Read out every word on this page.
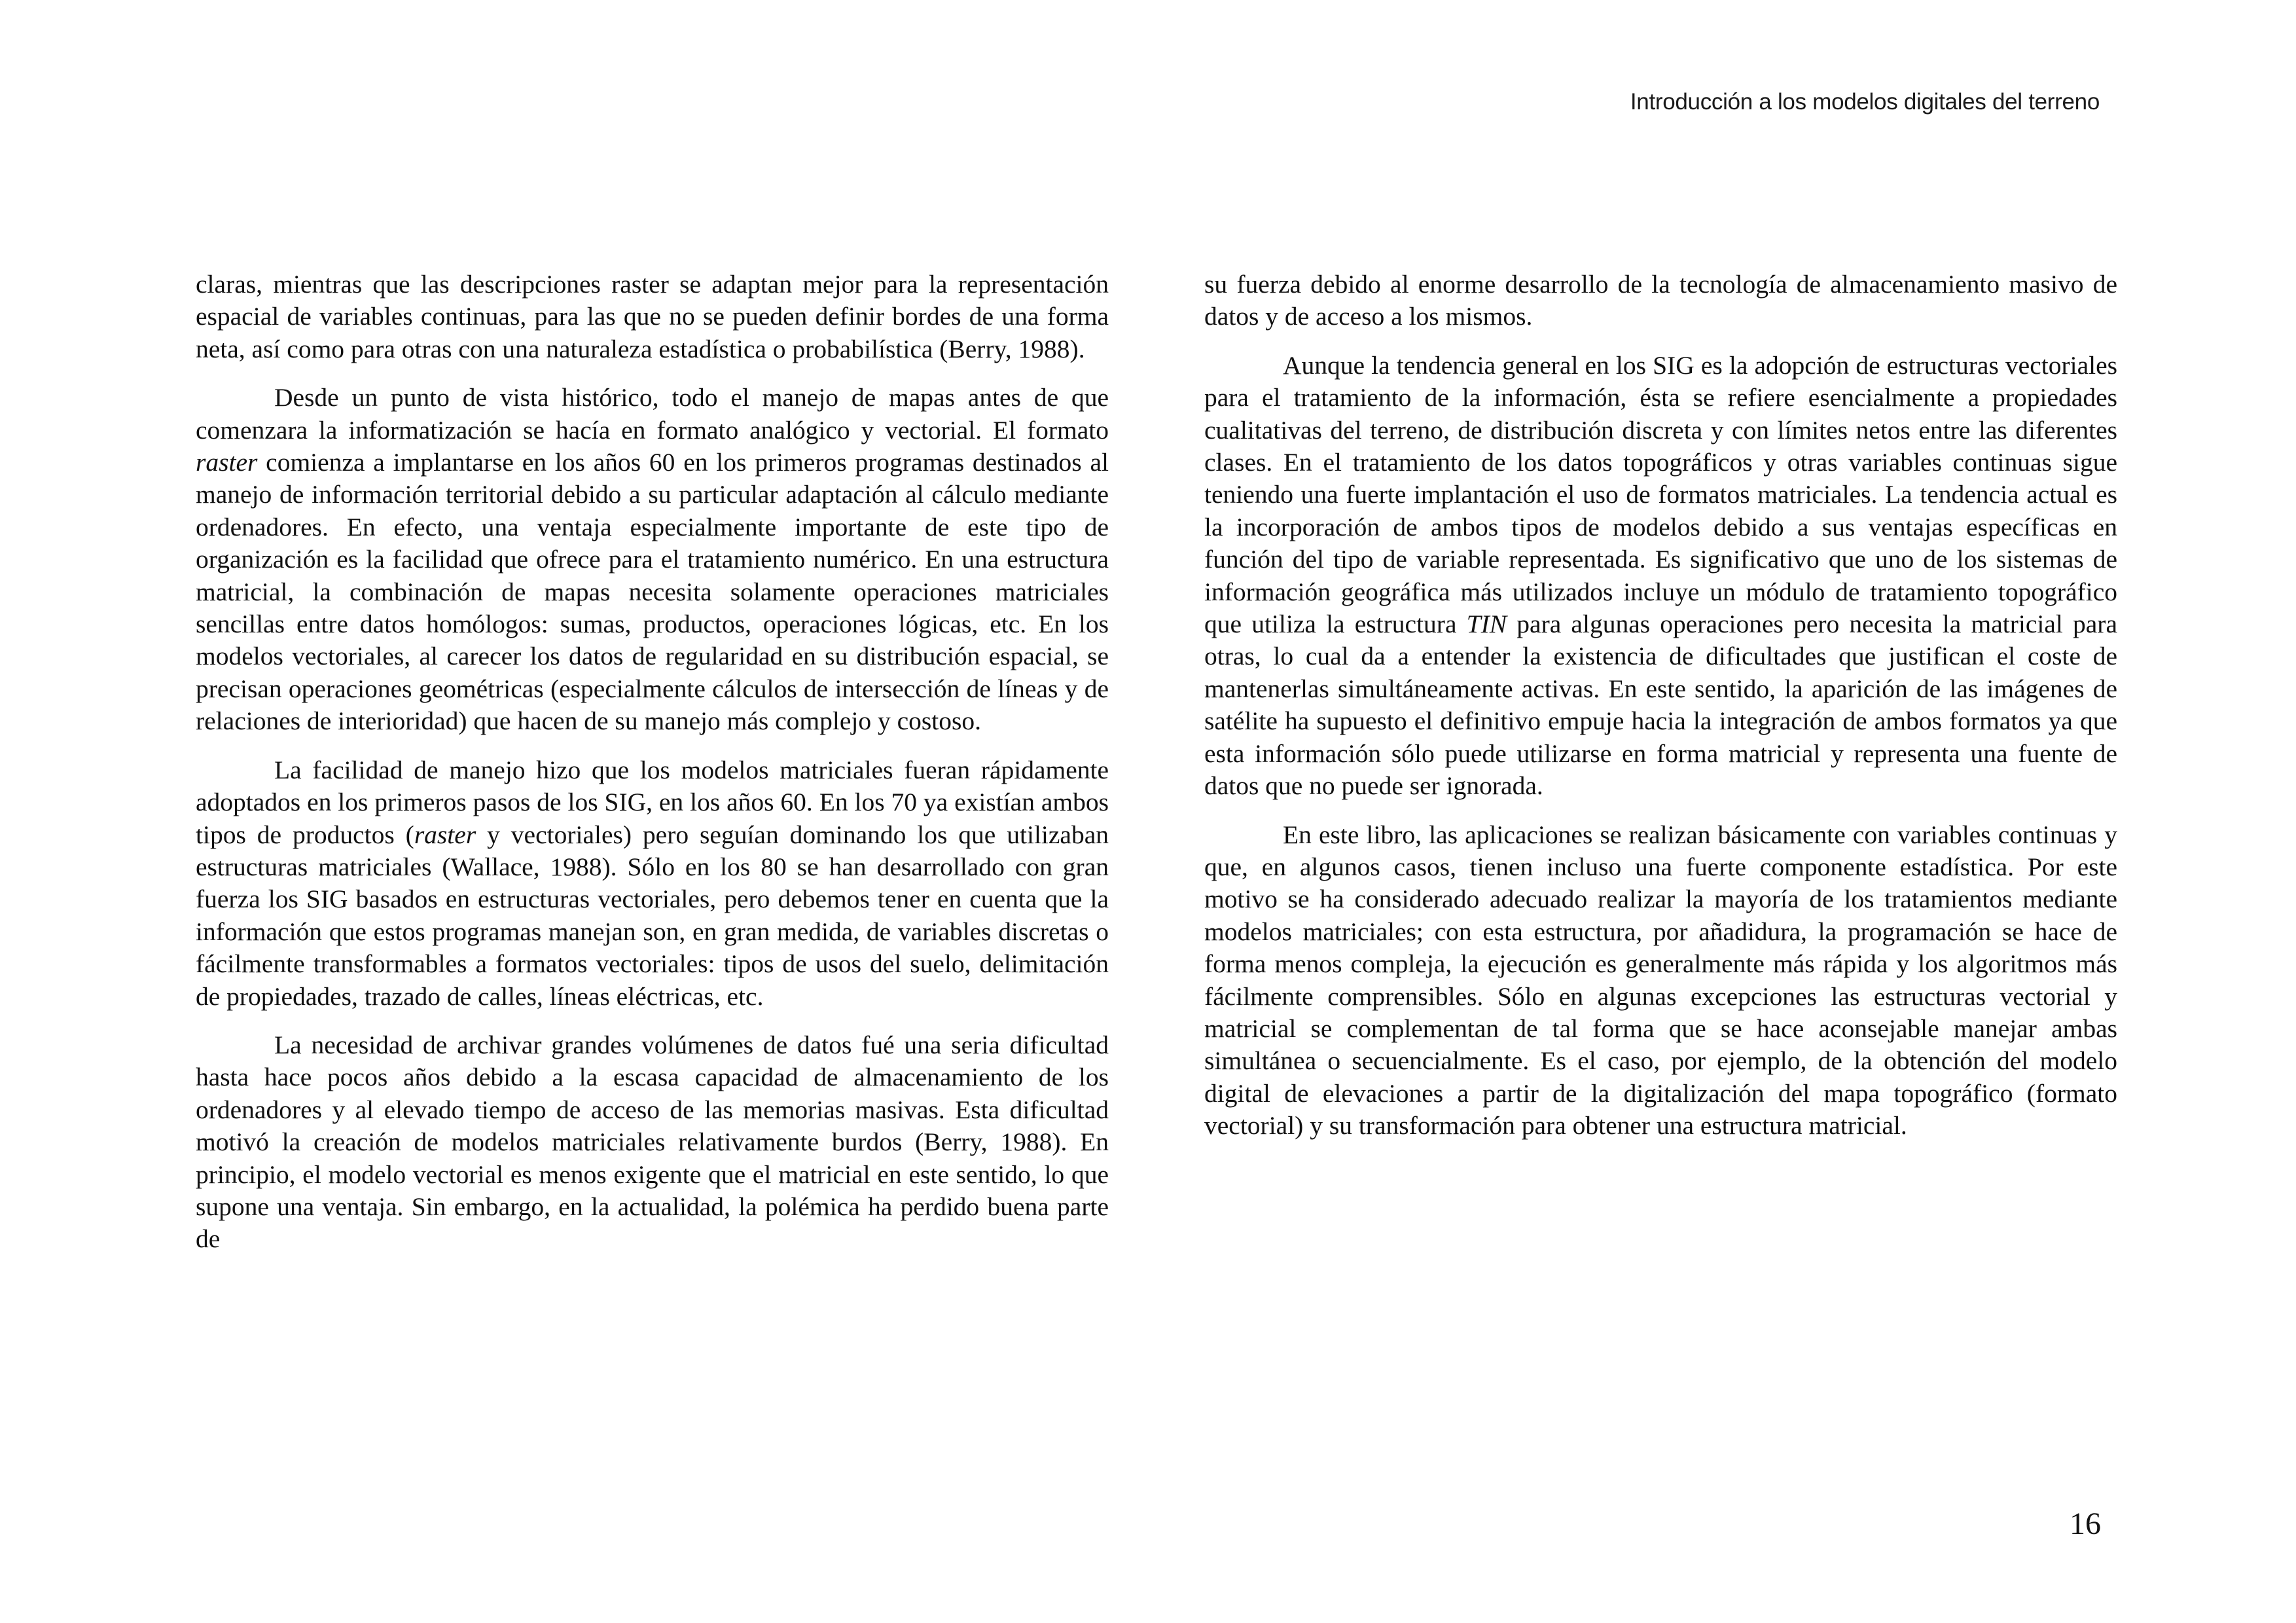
Introducción a los modelos digitales del terreno

claras, mientras que las descripciones raster se adaptan mejor para la representación espacial de variables continuas, para las que no se pueden definir bordes de una forma neta, así como para otras con una naturaleza estadística o probabilística (Berry, 1988).

Desde un punto de vista histórico, todo el manejo de mapas antes de que comenzara la informatización se hacía en formato analógico y vectorial. El formato raster comienza a implantarse en los años 60 en los primeros programas destinados al manejo de información territorial debido a su particular adaptación al cálculo mediante ordenadores. En efecto, una ventaja especialmente importante de este tipo de organización es la facilidad que ofrece para el tratamiento numérico. En una estructura matricial, la combinación de mapas necesita solamente operaciones matriciales sencillas entre datos homólogos: sumas, productos, operaciones lógicas, etc. En los modelos vectoriales, al carecer los datos de regularidad en su distribución espacial, se precisan operaciones geométricas (especialmente cálculos de intersección de líneas y de relaciones de interioridad) que hacen de su manejo más complejo y costoso.

La facilidad de manejo hizo que los modelos matriciales fueran rápidamente adoptados en los primeros pasos de los SIG, en los años 60. En los 70 ya existían ambos tipos de productos (raster y vectoriales) pero seguían dominando los que utilizaban estructuras matriciales (Wallace, 1988). Sólo en los 80 se han desarrollado con gran fuerza los SIG basados en estructuras vectoriales, pero debemos tener en cuenta que la información que estos programas manejan son, en gran medida, de variables discretas o fácilmente transformables a formatos vectoriales: tipos de usos del suelo, delimitación de propiedades, trazado de calles, líneas eléctricas, etc.

La necesidad de archivar grandes volúmenes de datos fué una seria dificultad hasta hace pocos años debido a la escasa capacidad de almacenamiento de los ordenadores y al elevado tiempo de acceso de las memorias masivas. Esta dificultad motivó la creación de modelos matriciales relativamente burdos (Berry, 1988). En principio, el modelo vectorial es menos exigente que el matricial en este sentido, lo que supone una ventaja. Sin embargo, en la actualidad, la polémica ha perdido buena parte de

su fuerza debido al enorme desarrollo de la tecnología de almacenamiento masivo de datos y de acceso a los mismos.

Aunque la tendencia general en los SIG es la adopción de estructuras vectoriales para el tratamiento de la información, ésta se refiere esencialmente a propiedades cualitativas del terreno, de distribución discreta y con límites netos entre las diferentes clases. En el tratamiento de los datos topográficos y otras variables continuas sigue teniendo una fuerte implantación el uso de formatos matriciales. La tendencia actual es la incorporación de ambos tipos de modelos debido a sus ventajas específicas en función del tipo de variable representada. Es significativo que uno de los sistemas de información geográfica más utilizados incluye un módulo de tratamiento topográfico que utiliza la estructura TIN para algunas operaciones pero necesita la matricial para otras, lo cual da a entender la existencia de dificultades que justifican el coste de mantenerlas simultáneamente activas. En este sentido, la aparición de las imágenes de satélite ha supuesto el definitivo empuje hacia la integración de ambos formatos ya que esta información sólo puede utilizarse en forma matricial y representa una fuente de datos que no puede ser ignorada.

En este libro, las aplicaciones se realizan básicamente con variables continuas y que, en algunos casos, tienen incluso una fuerte componente estadística. Por este motivo se ha considerado adecuado realizar la mayoría de los tratamientos mediante modelos matriciales; con esta estructura, por añadidura, la programación se hace de forma menos compleja, la ejecución es generalmente más rápida y los algoritmos más fácilmente comprensibles. Sólo en algunas excepciones las estructuras vectorial y matricial se complementan de tal forma que se hace aconsejable manejar ambas simultánea o secuencialmente. Es el caso, por ejemplo, de la obtención del modelo digital de elevaciones a partir de la digitalización del mapa topográfico (formato vectorial) y su transformación para obtener una estructura matricial.

16
